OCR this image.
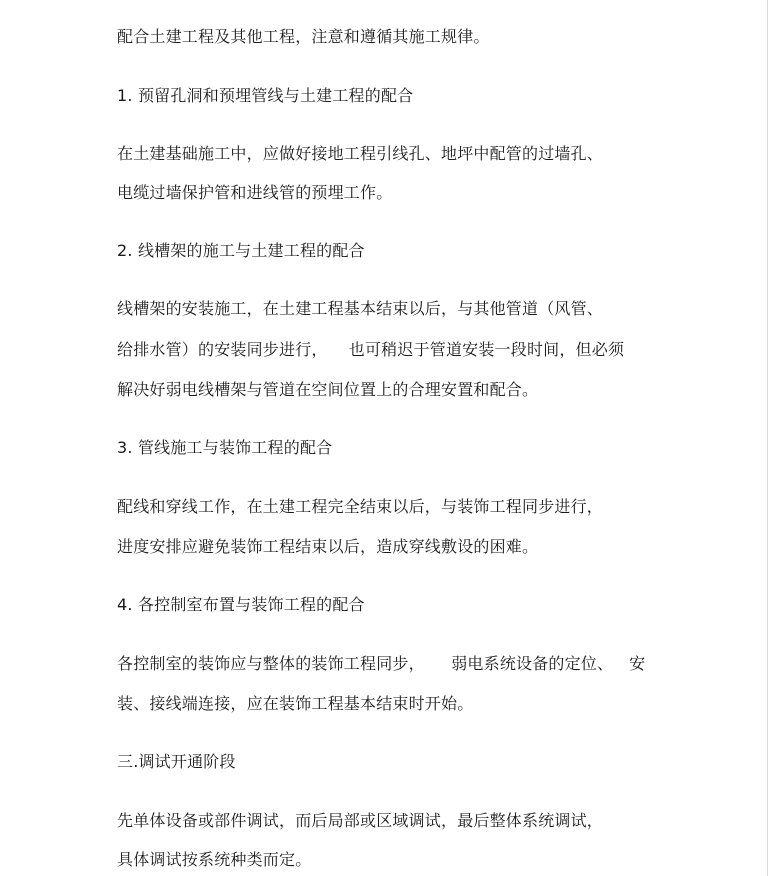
配合土建工程及其他工程，注意和遵循其施工规律。
1. 预留孔洞和预埋管线与土建工程的配合
在土建基础施工中，应做好接地工程引线孔、地坪中配管的过墙孔、
电缆过墙保护管和进线管的预埋工作。
2. 线槽架的施工与土建工程的配合
线槽架的安装施工，在土建工程基本结束以后，与其他管道（风管、
给排水管）的安装同步进行，    也可稍迟于管道安装一段时间，但必须
解决好弱电线槽架与管道在空间位置上的合理安置和配合。
3. 管线施工与装饰工程的配合
配线和穿线工作，在土建工程完全结束以后，与装饰工程同步进行，
进度安排应避免装饰工程结束以后，造成穿线敷设的困难。
4. 各控制室布置与装饰工程的配合
各控制室的装饰应与整体的装饰工程同步，     弱电系统设备的定位、   安
装、接线端连接，应在装饰工程基本结束时开始。
三.调试开通阶段
先单体设备或部件调试，而后局部或区域调试，最后整体系统调试，
具体调试按系统种类而定。
